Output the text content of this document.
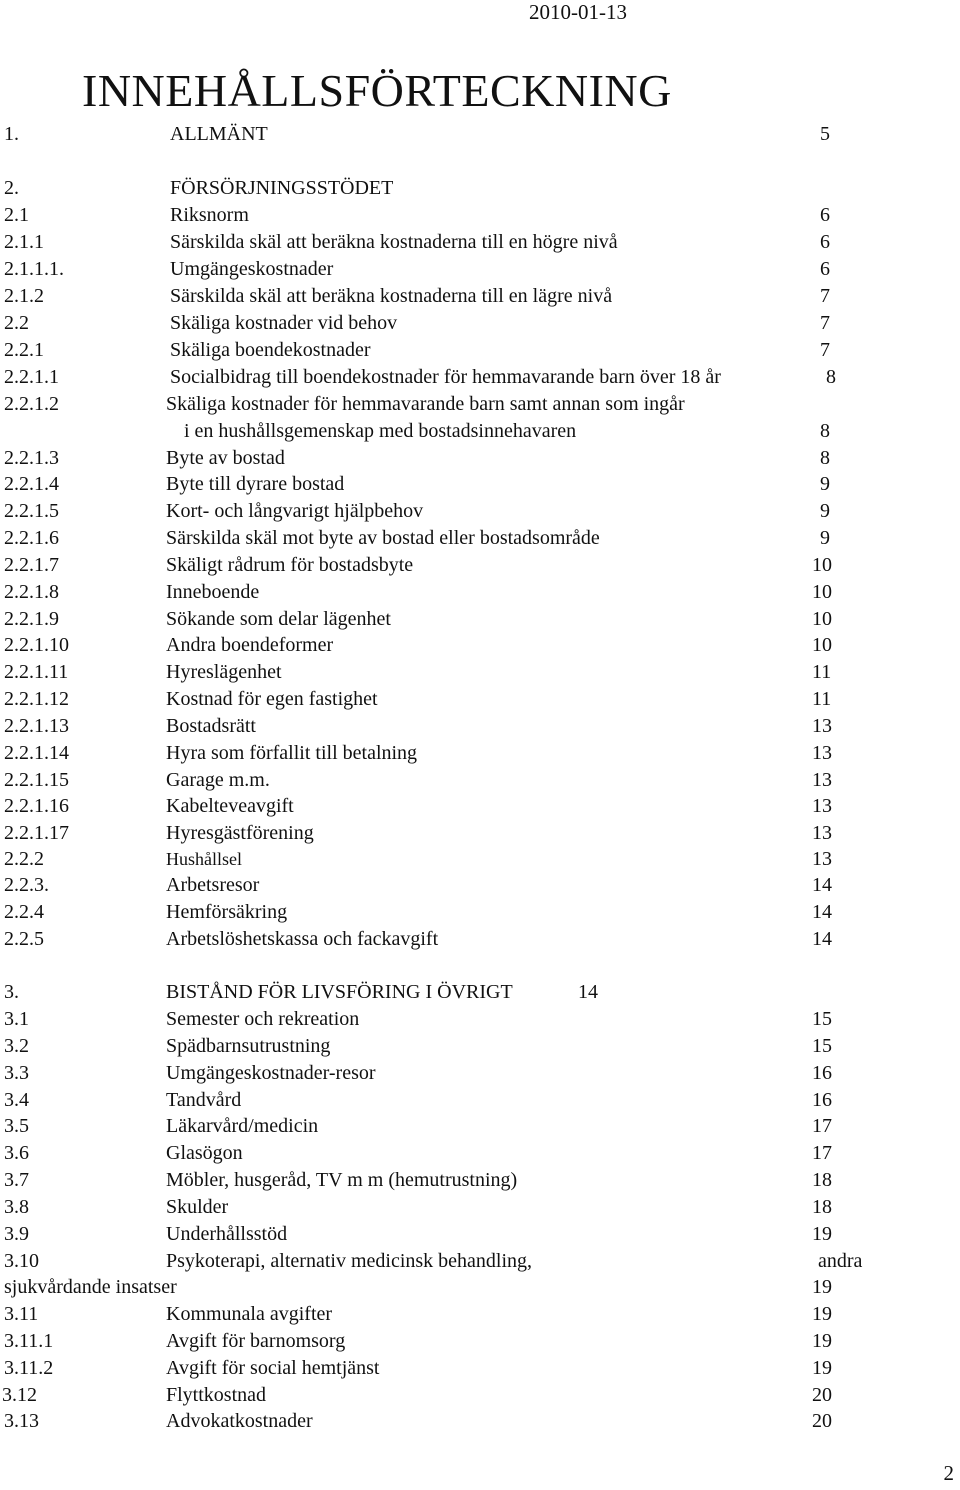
2010-01-13
INNEHÅLLSFÖRTECKNING
1.	ALLMÄNT	5
2.	FÖRSÖRJNINGSSTÖDET
2.1	Riksnorm	6
2.1.1	Särskilda skäl att beräkna kostnaderna till en högre nivå	6
2.1.1.1.	Umgängeskostnader	6
2.1.2	Särskilda skäl att beräkna kostnaderna till en lägre nivå	7
2.2	Skäliga kostnader vid behov	7
2.2.1	Skäliga boendekostnader	7
2.2.1.1	Socialbidrag till boendekostnader för hemmavarande barn över 18 år	8
2.2.1.2	Skäliga kostnader för hemmavarande barn samt annan som ingår
i en hushållsgemenskap med bostadsinnehavaren	8
2.2.1.3	Byte av bostad	8
2.2.1.4	Byte till dyrare bostad	9
2.2.1.5	Kort- och långvarigt hjälpbehov	9
2.2.1.6	Särskilda skäl mot byte av bostad eller bostadsområde	9
2.2.1.7	Skäligt rådrum för bostadsbyte	10
2.2.1.8	Inneboende	10
2.2.1.9	Sökande som delar lägenhet	10
2.2.1.10	Andra boendeformer	10
2.2.1.11	Hyreslägenhet	11
2.2.1.12	Kostnad för egen fastighet	11
2.2.1.13	Bostadsrätt	13
2.2.1.14	Hyra som förfallit till betalning	13
2.2.1.15	Garage m.m.	13
2.2.1.16	Kabelteveavgift	13
2.2.1.17	Hyresgästförening	13
2.2.2	Hushållsel	13
2.2.3.	Arbetsresor	14
2.2.4	Hemförsäkring	14
2.2.5	Arbetslöshetskassa och fackavgift	14
3.	BISTÅND FÖR LIVSFÖRING I ÖVRIGT	14
3.1	Semester och rekreation	15
3.2	Spädbarnsutrustning	15
3.3	Umgängeskostnader-resor	16
3.4	Tandvård	16
3.5	Läkarvård/medicin	17
3.6	Glasögon	17
3.7	Möbler, husgeråd, TV m m (hemutrustning)	18
3.8	Skulder	18
3.9	Underhållsstöd	19
3.10	Psykoterapi, alternativ medicinsk behandling,	andra
sjukvårdande insatser	19
3.11	Kommunala avgifter	19
3.11.1	Avgift för barnomsorg	19
3.11.2	Avgift för social hemtjänst	19
3.12	Flyttkostnad	20
3.13	Advokatkostnader	20
2
